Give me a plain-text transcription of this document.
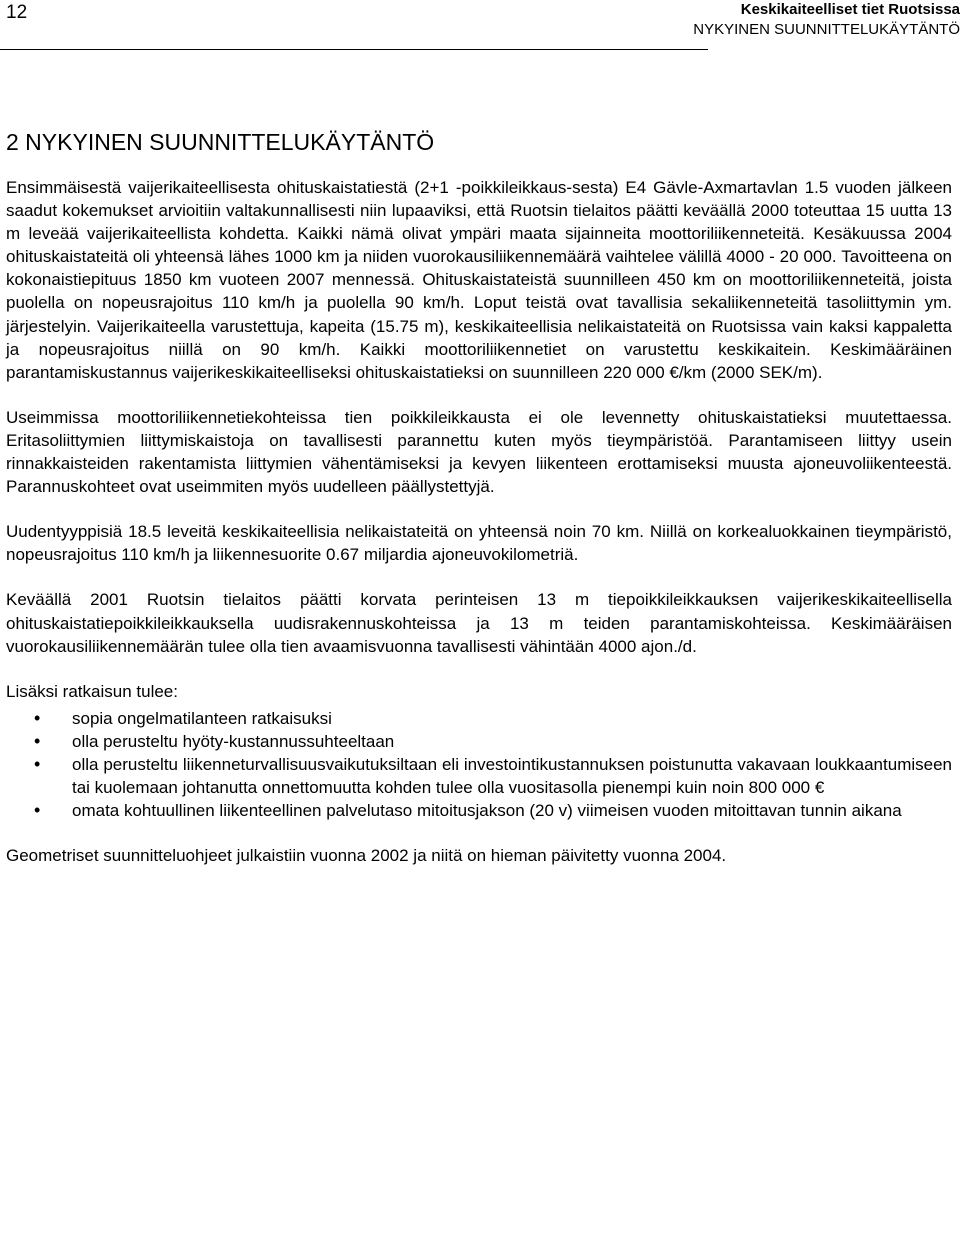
12	Keskikaiteelliset tiet Ruotsissa
NYKYINEN SUUNNITTELUKÄYTÄNTÖ
2 NYKYINEN SUUNNITTELUKÄYTÄNTÖ

Ensimmäisestä vaijerikaiteellisesta ohituskaistatiestä (2+1 -poikkileikkaus-sesta) E4 Gävle-Axmartavlan 1.5 vuoden jälkeen saadut kokemukset arvioitiin valtakunnallisesti niin lupaaviksi, että Ruotsin tielaitos päätti keväällä 2000 toteuttaa 15 uutta 13 m leveää vaijerikaiteellista kohdetta. Kaikki nämä olivat ympäri maata sijainneita moottoriliikenneteitä. Kesäkuussa 2004 ohituskaistateitä oli yhteensä lähes 1000 km ja niiden vuorokausiliikennemäärä vaihtelee välillä 4000 - 20 000. Tavoitteena on kokonaistiepituus 1850 km vuoteen 2007 mennessä. Ohituskaistateistä suunnilleen 450 km on moottoriliikenneteitä, joista puolella on nopeusrajoitus 110 km/h ja puolella 90 km/h. Loput teistä ovat tavallisia sekaliikenneteitä tasoliittymin ym. järjestelyin. Vaijerikaiteella varustettuja, kapeita (15.75 m), keskikaiteellisia nelikaistateitä on Ruotsissa vain kaksi kappaletta ja nopeusrajoitus niillä on 90 km/h. Kaikki moottoriliikennetiet on varustettu keskikaitein. Keskimääräinen parantamiskustannus vaijerikeskikaiteelliseksi ohituskaistatieksi on suunnilleen 220 000 €/km (2000 SEK/m).

Useimmissa moottoriliikennetiekohteissa tien poikkileikkausta ei ole levennetty ohituskaistatieksi muutettaessa. Eritasoliittymien liittymiskaistoja on tavallisesti parannettu kuten myös tieympäristöä. Parantamiseen liittyy usein rinnakkaisteiden rakentamista liittymien vähentämiseksi ja kevyen liikenteen erottamiseksi muusta ajoneuvoliikenteestä. Parannuskohteet ovat useimmiten myös uudelleen päällystettyjä.

Uudentyyppisiä 18.5 leveitä keskikaiteellisia nelikaistateitä on yhteensä noin 70 km. Niillä on korkealuokkainen tieympäristö, nopeusrajoitus 110 km/h ja liikennesuorite 0.67 miljardia ajoneuvokilometriä.

Keväällä 2001 Ruotsin tielaitos päätti korvata perinteisen 13 m tiepoikkileikkauksen vaijerikeskikaiteellisella ohituskaistatiepoikkileikkauksella uudisrakennuskohteissa ja 13 m teiden parantamiskohteissa. Keskimääräisen vuorokausiliikennemäärän tulee olla tien avaamisvuonna tavallisesti vähintään 4000 ajon./d.

Lisäksi ratkaisun tulee:

• sopia ongelmatilanteen ratkaisuksi
• olla perusteltu hyöty-kustannussuhteeltaan
• olla perusteltu liikenneturvallisuusvaikutuksiltaan eli investointikustannuksen poistunutta vakavaan loukkaantumiseen tai kuolemaan johtanutta onnettomuutta kohden tulee olla vuositasolla pienempi kuin noin 800 000 €
• omata kohtuullinen liikenteellinen palvelutaso mitoitusjakson (20 v) viimeisen vuoden mitoittavan tunnin aikana

Geometriset suunnitteluohjeet julkaistiin vuonna 2002 ja niitä on hieman päivitetty vuonna 2004.
